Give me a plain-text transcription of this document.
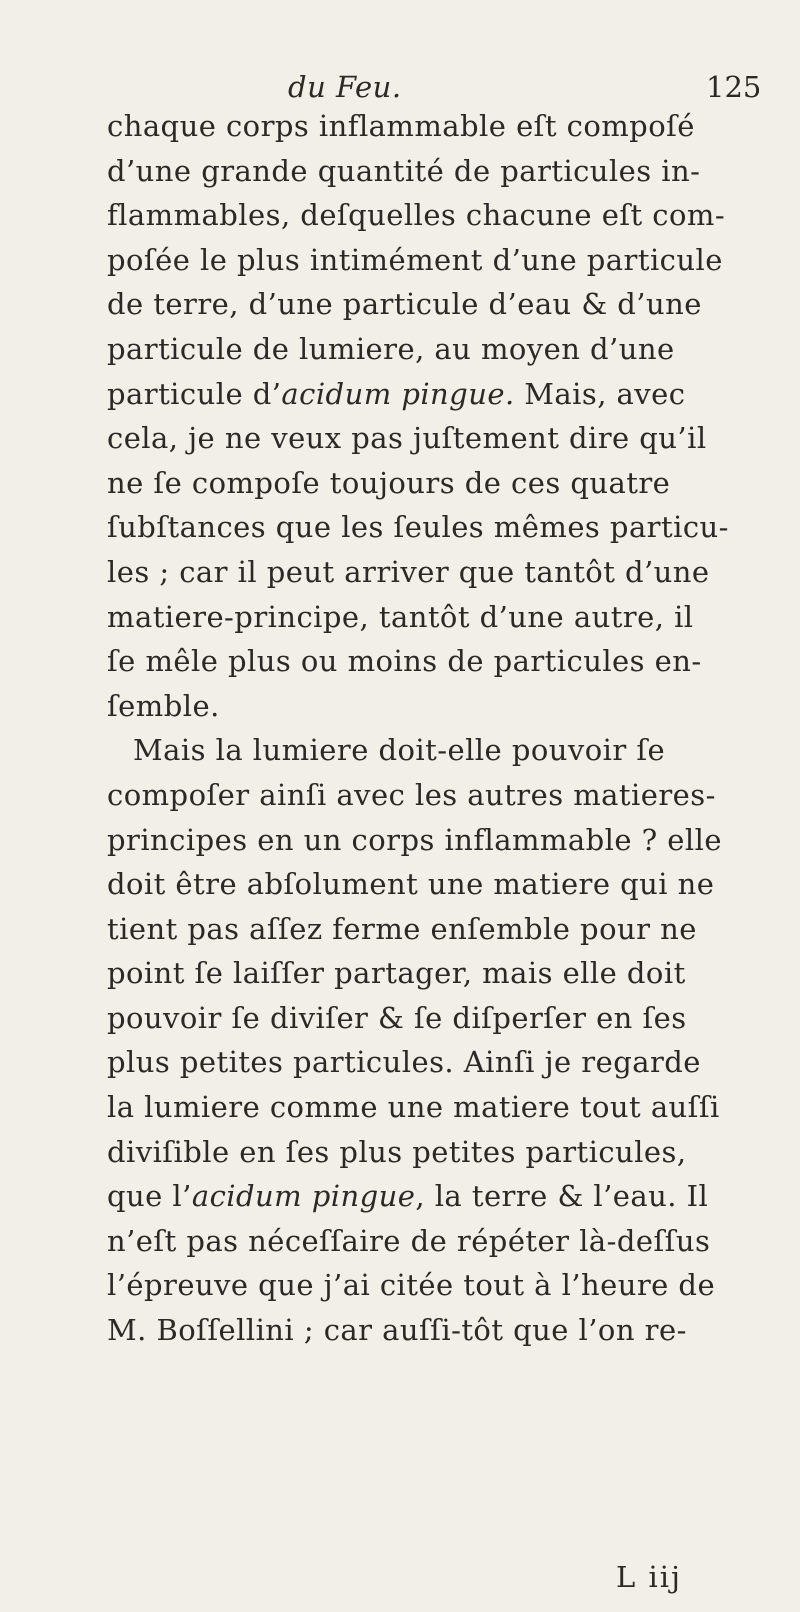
du Feu.	125
chaque corps inflammable eſt compoſé
d’une grande quantité de particules in-
flammables, deſquelles chacune eſt com-
poſée le plus intimément d’une particule
de terre, d’une particule d’eau & d’une
particule de lumiere, au moyen d’une
particule d’acidum pingue. Mais, avec
cela, je ne veux pas juſtement dire qu’il
ne ſe compoſe toujours de ces quatre
ſubſtances que les ſeules mêmes particu-
les ; car il peut arriver que tantôt d’une
matiere-principe, tantôt d’une autre, il
ſe mêle plus ou moins de particules en-
ſemble.
Mais la lumiere doit-elle pouvoir ſe
compoſer ainſi avec les autres matieres-
principes en un corps inflammable ? elle
doit être abſolument une matiere qui ne
tient pas aſſez ferme enſemble pour ne
point ſe laiſſer partager, mais elle doit
pouvoir ſe diviſer & ſe diſperſer en ſes
plus petites particules. Ainſi je regarde
la lumiere comme une matiere tout auſſi
diviſible en ſes plus petites particules,
que l’acidum pingue, la terre & l’eau. Il
n’eſt pas néceſſaire de répéter là-deſſus
l’épreuve que j’ai citée tout à l’heure de
M. Boſſellini ; car auſſi-tôt que l’on re-
L iij
